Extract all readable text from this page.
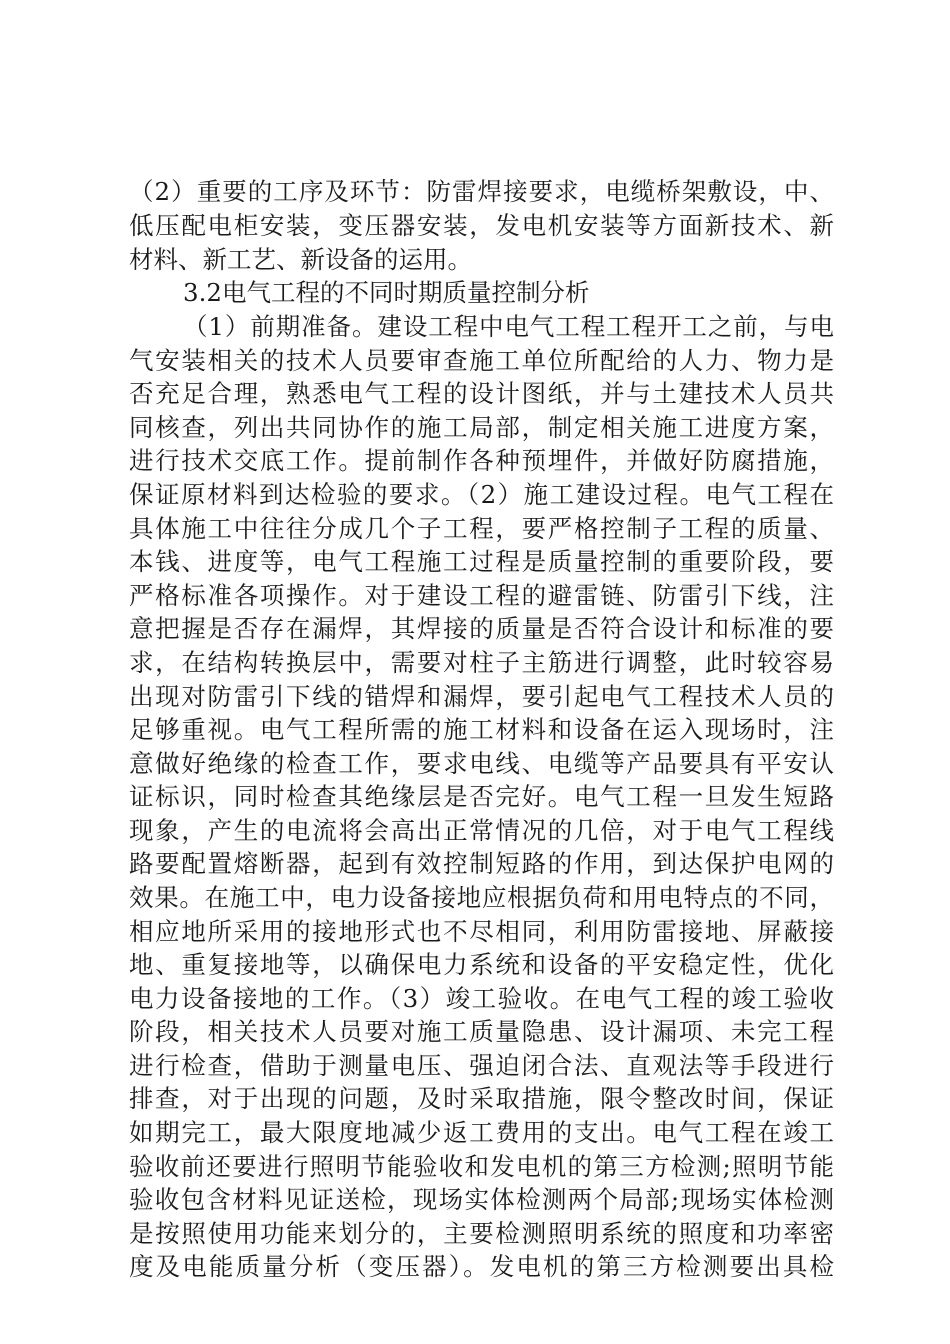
（2）重要的工序及环节：防雷焊接要求，电缆桥架敷设，中、
低压配电柜安装，变压器安装，发电机安装等方面新技术、新
材料、新工艺、新设备的运用。
3.2电气工程的不同时期质量控制分析
（1）前期准备。建设工程中电气工程工程开工之前，与电
气安装相关的技术人员要审查施工单位所配给的人力、物力是
否充足合理，熟悉电气工程的设计图纸，并与土建技术人员共
同核查，列出共同协作的施工局部，制定相关施工进度方案，
进行技术交底工作。提前制作各种预埋件，并做好防腐措施，
保证原材料到达检验的要求。（2）施工建设过程。电气工程在
具体施工中往往分成几个子工程，要严格控制子工程的质量、
本钱、进度等，电气工程施工过程是质量控制的重要阶段，要
严格标准各项操作。对于建设工程的避雷链、防雷引下线，注
意把握是否存在漏焊，其焊接的质量是否符合设计和标准的要
求，在结构转换层中，需要对柱子主筋进行调整，此时较容易
出现对防雷引下线的错焊和漏焊，要引起电气工程技术人员的
足够重视。电气工程所需的施工材料和设备在运入现场时，注
意做好绝缘的检查工作，要求电线、电缆等产品要具有平安认
证标识，同时检查其绝缘层是否完好。电气工程一旦发生短路
现象，产生的电流将会高出正常情况的几倍，对于电气工程线
路要配置熔断器，起到有效控制短路的作用，到达保护电网的
效果。在施工中，电力设备接地应根据负荷和用电特点的不同，
相应地所采用的接地形式也不尽相同，利用防雷接地、屏蔽接
地、重复接地等，以确保电力系统和设备的平安稳定性，优化
电力设备接地的工作。（3）竣工验收。在电气工程的竣工验收
阶段，相关技术人员要对施工质量隐患、设计漏项、未完工程
进行检查，借助于测量电压、强迫闭合法、直观法等手段进行
排查，对于出现的问题，及时采取措施，限令整改时间，保证
如期完工，最大限度地减少返工费用的支出。电气工程在竣工
验收前还要进行照明节能验收和发电机的第三方检测;照明节能
验收包含材料见证送检，现场实体检测两个局部;现场实体检测
是按照使用功能来划分的，主要检测照明系统的照度和功率密
度及电能质量分析（变压器）。发电机的第三方检测要出具检
